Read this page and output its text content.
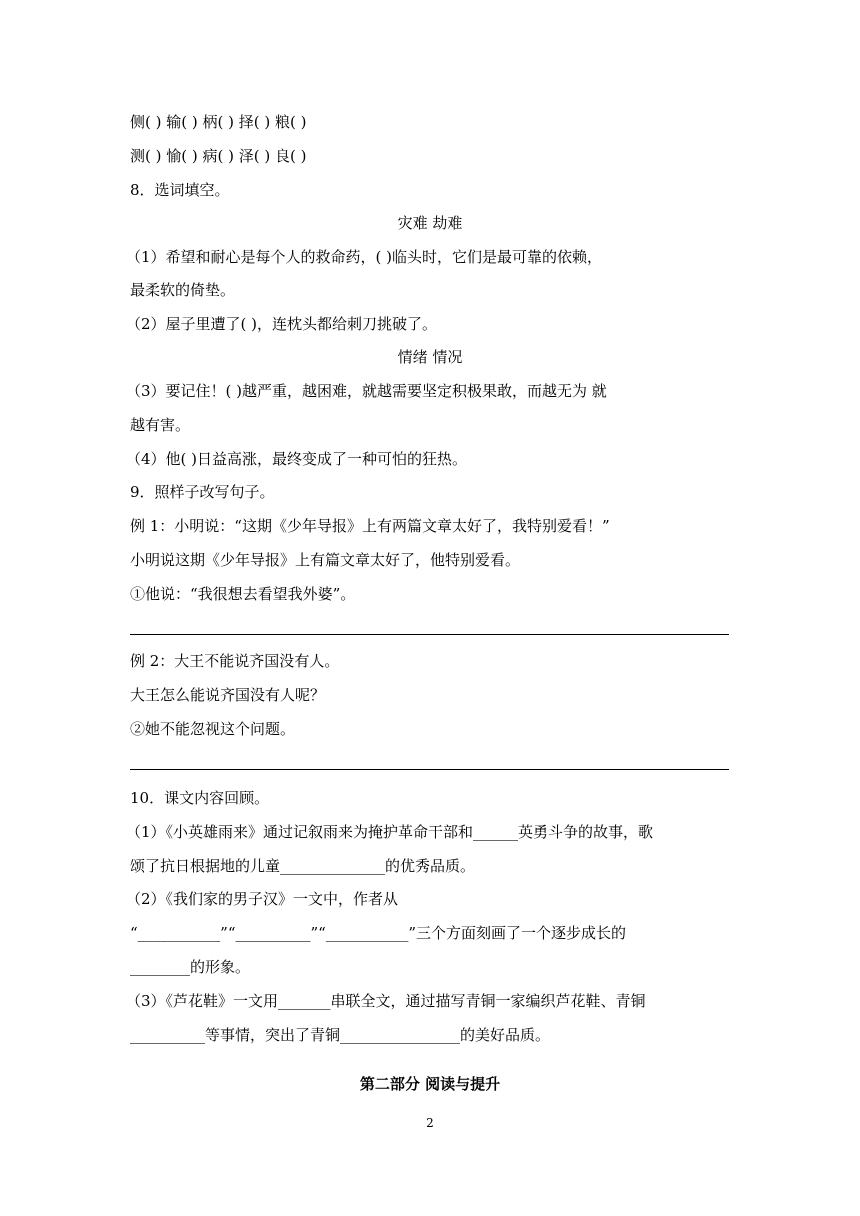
侧( ) 输( ) 柄( ) 择( ) 粮( )
测( ) 愉( ) 病( ) 泽( ) 良( )
8．选词填空。
灾难 劫难
（1）希望和耐心是每个人的救命药，( )临头时，它们是最可靠的依赖，
最柔软的倚垫。
（2）屋子里遭了( )，连枕头都给刺刀挑破了。
情绪 情况
（3）要记住！( )越严重，越困难，就越需要坚定积极果敢，而越无为 就
越有害。
（4）他( )日益高涨，最终变成了一种可怕的狂热。
9．照样子改写句子。
例 1：小明说：“这期《少年导报》上有两篇文章太好了，我特别爱看！”
小明说这期《少年导报》上有篇文章太好了，他特别爱看。
①他说：“我很想去看望我外婆”。
例 2：大王不能说齐国没有人。
大王怎么能说齐国没有人呢？
②她不能忽视这个问题。
10．课文内容回顾。
（1）《小英雄雨来》通过记叙雨来为掩护革命干部和______英勇斗争的故事，歌
颂了抗日根据地的儿童______________的优秀品质。
（2）《我们家的男子汉》一文中，作者从
“___________”“__________”“___________”三个方面刻画了一个逐步成长的
________的形象。
（3）《芦花鞋》一文用_______串联全文，通过描写青铜一家编织芦花鞋、青铜
__________等事情，突出了青铜________________的美好品质。
第二部分 阅读与提升
2
